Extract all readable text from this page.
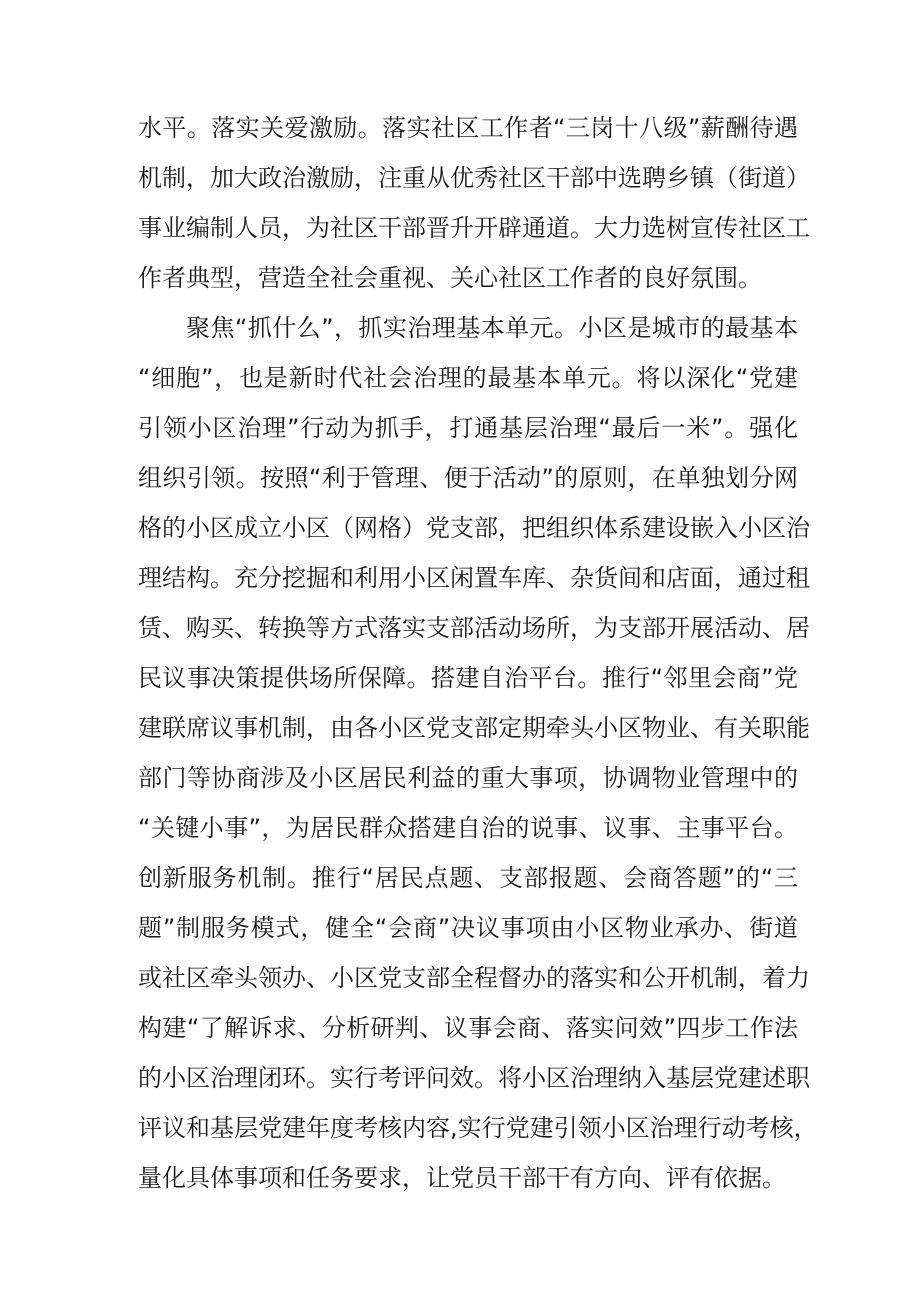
水平。落实关爱激励。落实社区工作者“三岗十八级”薪酬待遇
机制，加大政治激励，注重从优秀社区干部中选聘乡镇（街道）
事业编制人员，为社区干部晋升开辟通道。大力选树宣传社区工
作者典型，营造全社会重视、关心社区工作者的良好氛围。
聚焦“抓什么”，抓实治理基本单元。小区是城市的最基本
“细胞”，也是新时代社会治理的最基本单元。将以深化“党建
引领小区治理”行动为抓手，打通基层治理“最后一米”。强化
组织引领。按照“利于管理、便于活动”的原则，在单独划分网
格的小区成立小区（网格）党支部，把组织体系建设嵌入小区治
理结构。充分挖掘和利用小区闲置车库、杂货间和店面，通过租
赁、购买、转换等方式落实支部活动场所，为支部开展活动、居
民议事决策提供场所保障。搭建自治平台。推行“邻里会商”党
建联席议事机制，由各小区党支部定期牵头小区物业、有关职能
部门等协商涉及小区居民利益的重大事项，协调物业管理中的
“关键小事”，为居民群众搭建自治的说事、议事、主事平台。
创新服务机制。推行“居民点题、支部报题、会商答题”的“三
题”制服务模式，健全“会商”决议事项由小区物业承办、街道
或社区牵头领办、小区党支部全程督办的落实和公开机制，着力
构建“了解诉求、分析研判、议事会商、落实问效”四步工作法
的小区治理闭环。实行考评问效。将小区治理纳入基层党建述职
评议和基层党建年度考核内容,实行党建引领小区治理行动考核，
量化具体事项和任务要求，让党员干部干有方向、评有依据。
